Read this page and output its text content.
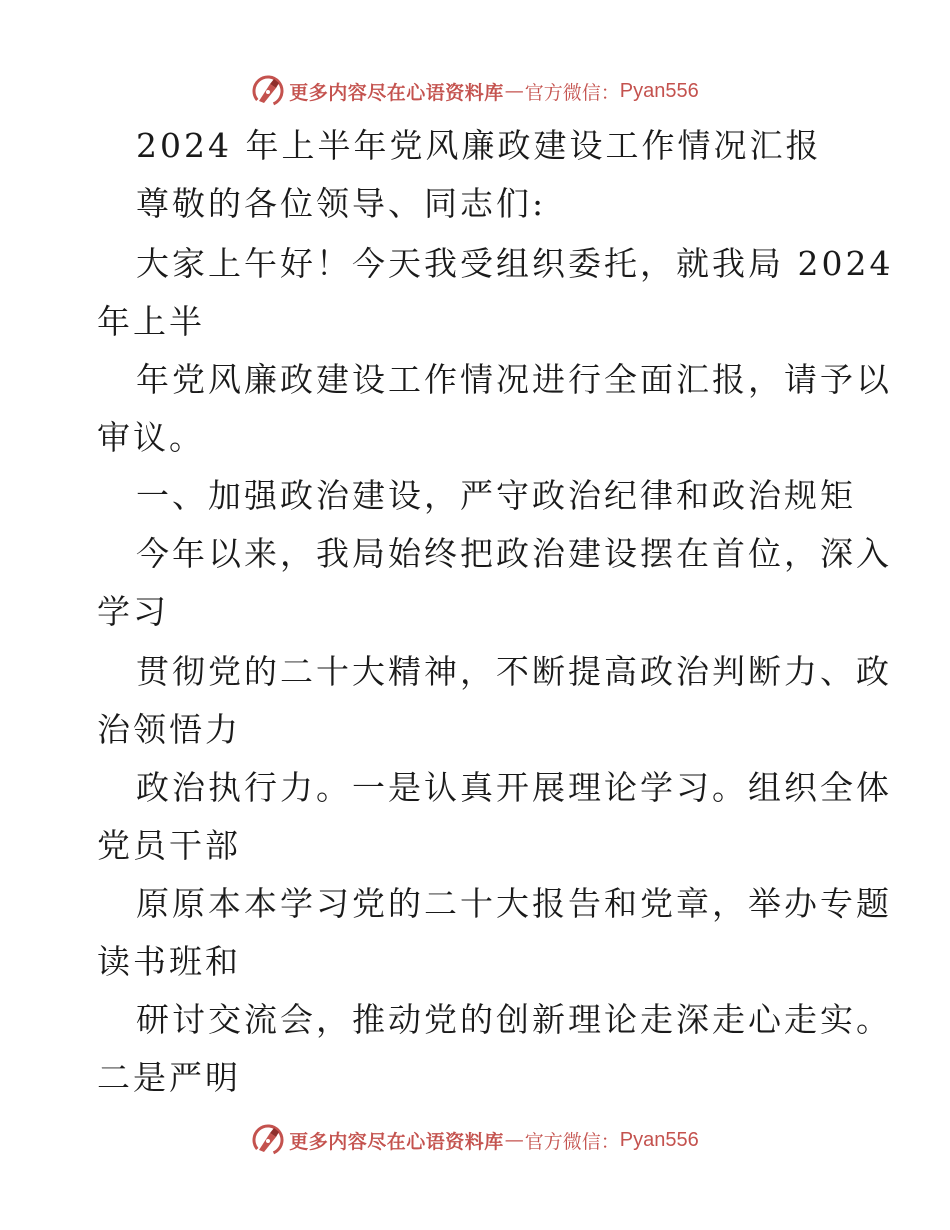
更多内容尽在心语资料库 — 官方微信： Pyan556
2024 年上半年党风廉政建设工作情况汇报
尊敬的各位领导、同志们:
大家上午好！今天我受组织委托，就我局 2024
年上半
年党风廉政建设工作情况进行全面汇报，请予以
审议。
一、加强政治建设，严守政治纪律和政治规矩
今年以来，我局始终把政治建设摆在首位，深入
学习
贯彻党的二十大精神，不断提高政治判断力、政
治领悟力
政治执行力。一是认真开展理论学习。组织全体
党员干部
原原本本学习党的二十大报告和党章，举办专题
读书班和
研讨交流会，推动党的创新理论走深走心走实。
二是严明
更多内容尽在心语资料库 — 官方微信： Pyan556
